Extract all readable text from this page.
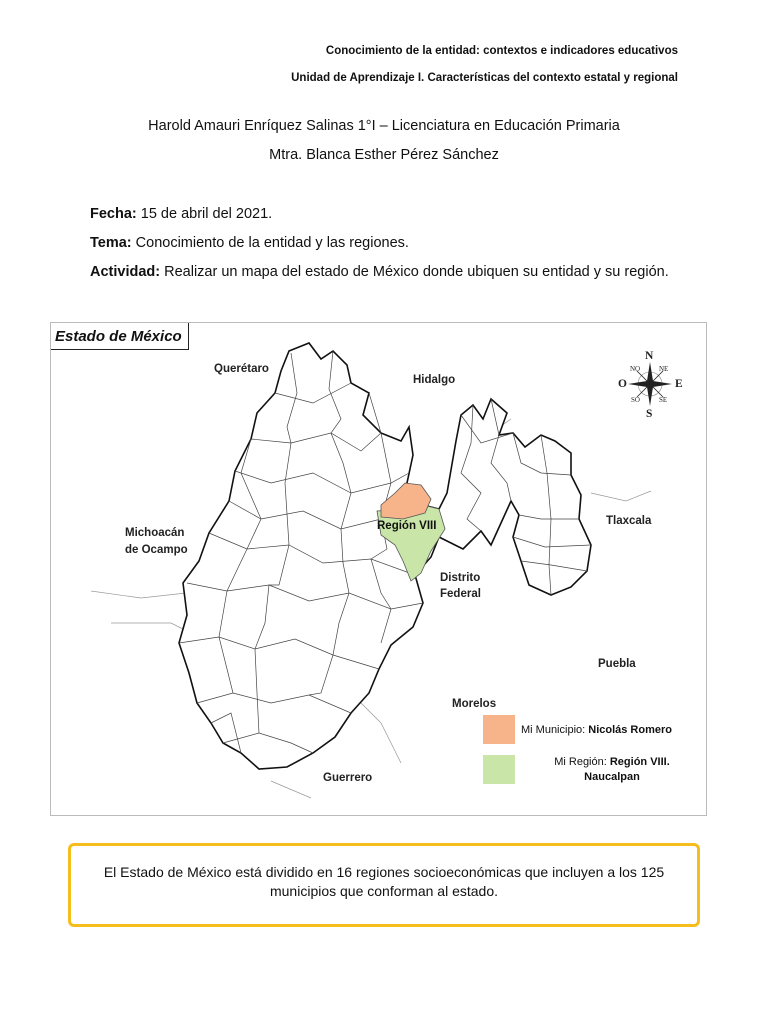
Conocimiento de la entidad: contextos e indicadores educativos
Unidad de Aprendizaje I. Características del contexto estatal y regional
Harold Amauri Enríquez Salinas 1°I – Licenciatura en Educación Primaria
Mtra. Blanca Esther Pérez Sánchez
Fecha: 15 de abril del 2021.
Tema: Conocimiento de la entidad y las regiones.
Actividad: Realizar un mapa del estado de México donde ubiquen su entidad y su región.
Estado de México
N
S
E
O
NO	NE
SO	SE
Querétaro
Hidalgo
Michoacán
de Ocampo
Tlaxcala
Distrito
Federal
Puebla
Morelos
Guerrero
Región VIII
Mi Municipio: Nicolás Romero
Mi Región: Región VIII.
Naucalpan

El Estado de México está dividido en 16 regiones socioeconómicas que incluyen a los 125 municipios que conforman al estado.
